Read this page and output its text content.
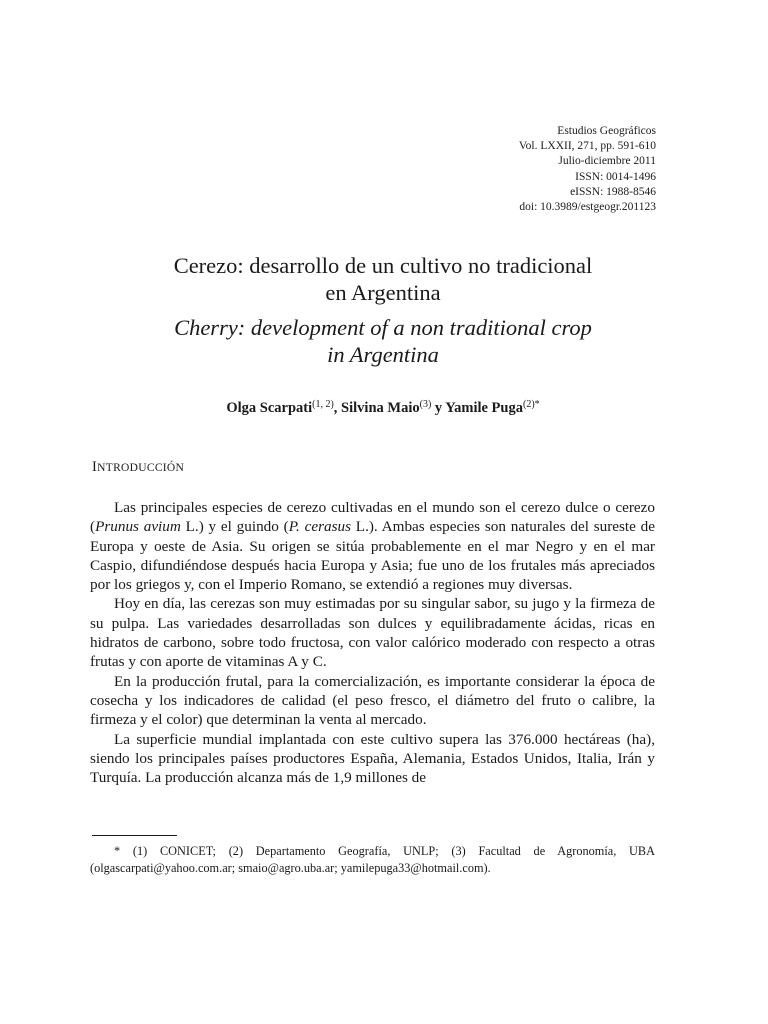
Estudios Geográficos
Vol. LXXII, 271, pp. 591-610
Julio-diciembre 2011
ISSN: 0014-1496
eISSN: 1988-8546
doi: 10.3989/estgeogr.201123
Cerezo: desarrollo de un cultivo no tradicional
en Argentina
Cherry: development of a non traditional crop
in Argentina
Olga Scarpati$^{(1, 2)}$, Silvina Maio$^{(3)}$ y Yamile Puga$^{(2)*}$
INTRODUCCIÓN

Las principales especies de cerezo cultivadas en el mundo son el cerezo dulce o cerezo (Prunus avium L.) y el guindo (P. cerasus L.). Ambas especies son naturales del sureste de Europa y oeste de Asia. Su origen se sitúa probablemente en el mar Negro y en el mar Caspio, difundiéndose después hacia Europa y Asia; fue uno de los frutales más apreciados por los griegos y, con el Imperio Romano, se extendió a regiones muy diversas.

Hoy en día, las cerezas son muy estimadas por su singular sabor, su jugo y la firmeza de su pulpa. Las variedades desarrolladas son dulces y equilibradamente ácidas, ricas en hidratos de carbono, sobre todo fructosa, con valor calórico moderado con respecto a otras frutas y con aporte de vitaminas A y C.

En la producción frutal, para la comercialización, es importante considerar la época de cosecha y los indicadores de calidad (el peso fresco, el diámetro del fruto o calibre, la firmeza y el color) que determinan la venta al mercado.

La superficie mundial implantada con este cultivo supera las 376.000 hectáreas (ha), siendo los principales países productores España, Alemania, Estados Unidos, Italia, Irán y Turquía. La producción alcanza más de 1,9 millones de

* (1) CONICET; (2) Departamento Geografía, UNLP; (3) Facultad de Agronomía, UBA (olgascarpati@yahoo.com.ar; smaio@agro.uba.ar; yamilepuga33@hotmail.com).
